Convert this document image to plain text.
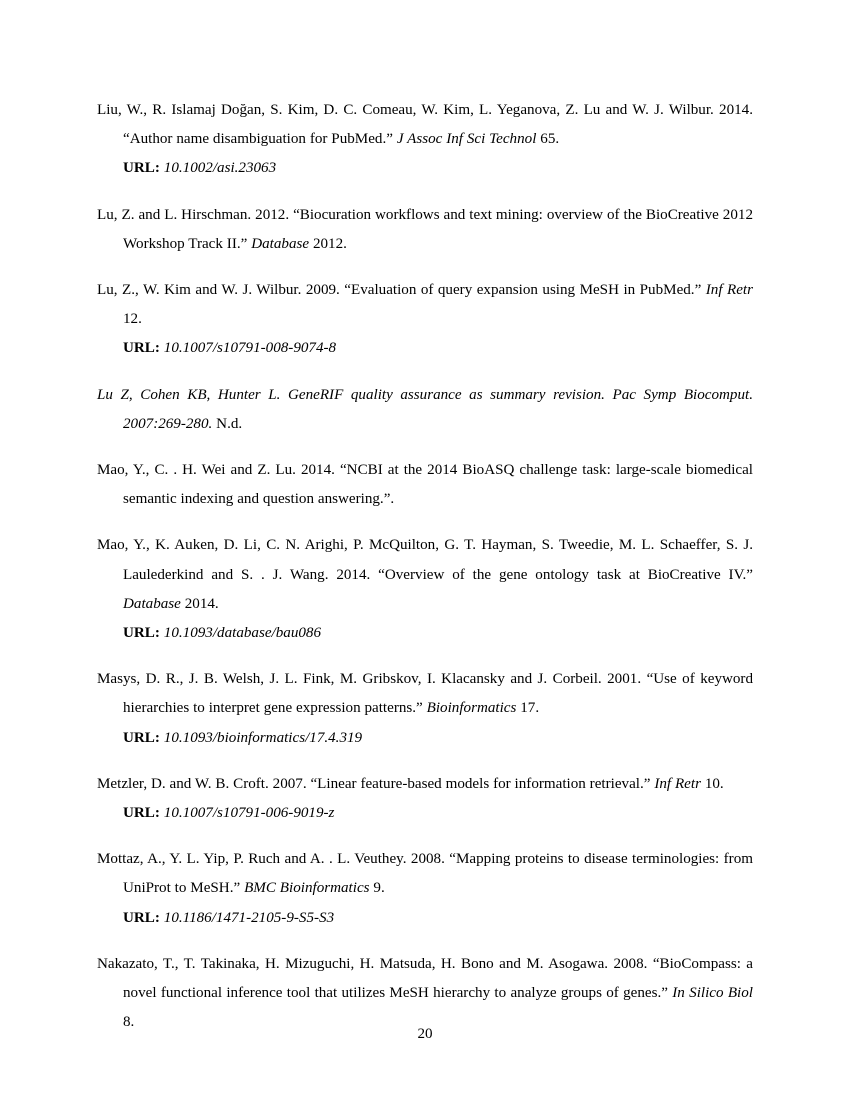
Liu, W., R. Islamaj Doğan, S. Kim, D. C. Comeau, W. Kim, L. Yeganova, Z. Lu and W. J. Wilbur. 2014. “Author name disambiguation for PubMed.” J Assoc Inf Sci Technol 65.
URL: 10.1002/asi.23063

Lu, Z. and L. Hirschman. 2012. “Biocuration workflows and text mining: overview of the BioCreative 2012 Workshop Track II.” Database 2012.

Lu, Z., W. Kim and W. J. Wilbur. 2009. “Evaluation of query expansion using MeSH in PubMed.” Inf Retr 12.
URL: 10.1007/s10791-008-9074-8

Lu Z, Cohen KB, Hunter L. GeneRIF quality assurance as summary revision. Pac Symp Biocomput. 2007:269-280. N.d.

Mao, Y., C. . H. Wei and Z. Lu. 2014. “NCBI at the 2014 BioASQ challenge task: large-scale biomedical semantic indexing and question answering.”.

Mao, Y., K. Auken, D. Li, C. N. Arighi, P. McQuilton, G. T. Hayman, S. Tweedie, M. L. Schaeffer, S. J. Laulederkind and S. . J. Wang. 2014. “Overview of the gene ontology task at BioCreative IV.” Database 2014.
URL: 10.1093/database/bau086

Masys, D. R., J. B. Welsh, J. L. Fink, M. Gribskov, I. Klacansky and J. Corbeil. 2001. “Use of keyword hierarchies to interpret gene expression patterns.” Bioinformatics 17.
URL: 10.1093/bioinformatics/17.4.319

Metzler, D. and W. B. Croft. 2007. “Linear feature-based models for information retrieval.” Inf Retr 10.
URL: 10.1007/s10791-006-9019-z

Mottaz, A., Y. L. Yip, P. Ruch and A. . L. Veuthey. 2008. “Mapping proteins to disease terminologies: from UniProt to MeSH.” BMC Bioinformatics 9.
URL: 10.1186/1471-2105-9-S5-S3

Nakazato, T., T. Takinaka, H. Mizuguchi, H. Matsuda, H. Bono and M. Asogawa. 2008. “BioCompass: a novel functional inference tool that utilizes MeSH hierarchy to analyze groups of genes.” In Silico Biol 8.

20
